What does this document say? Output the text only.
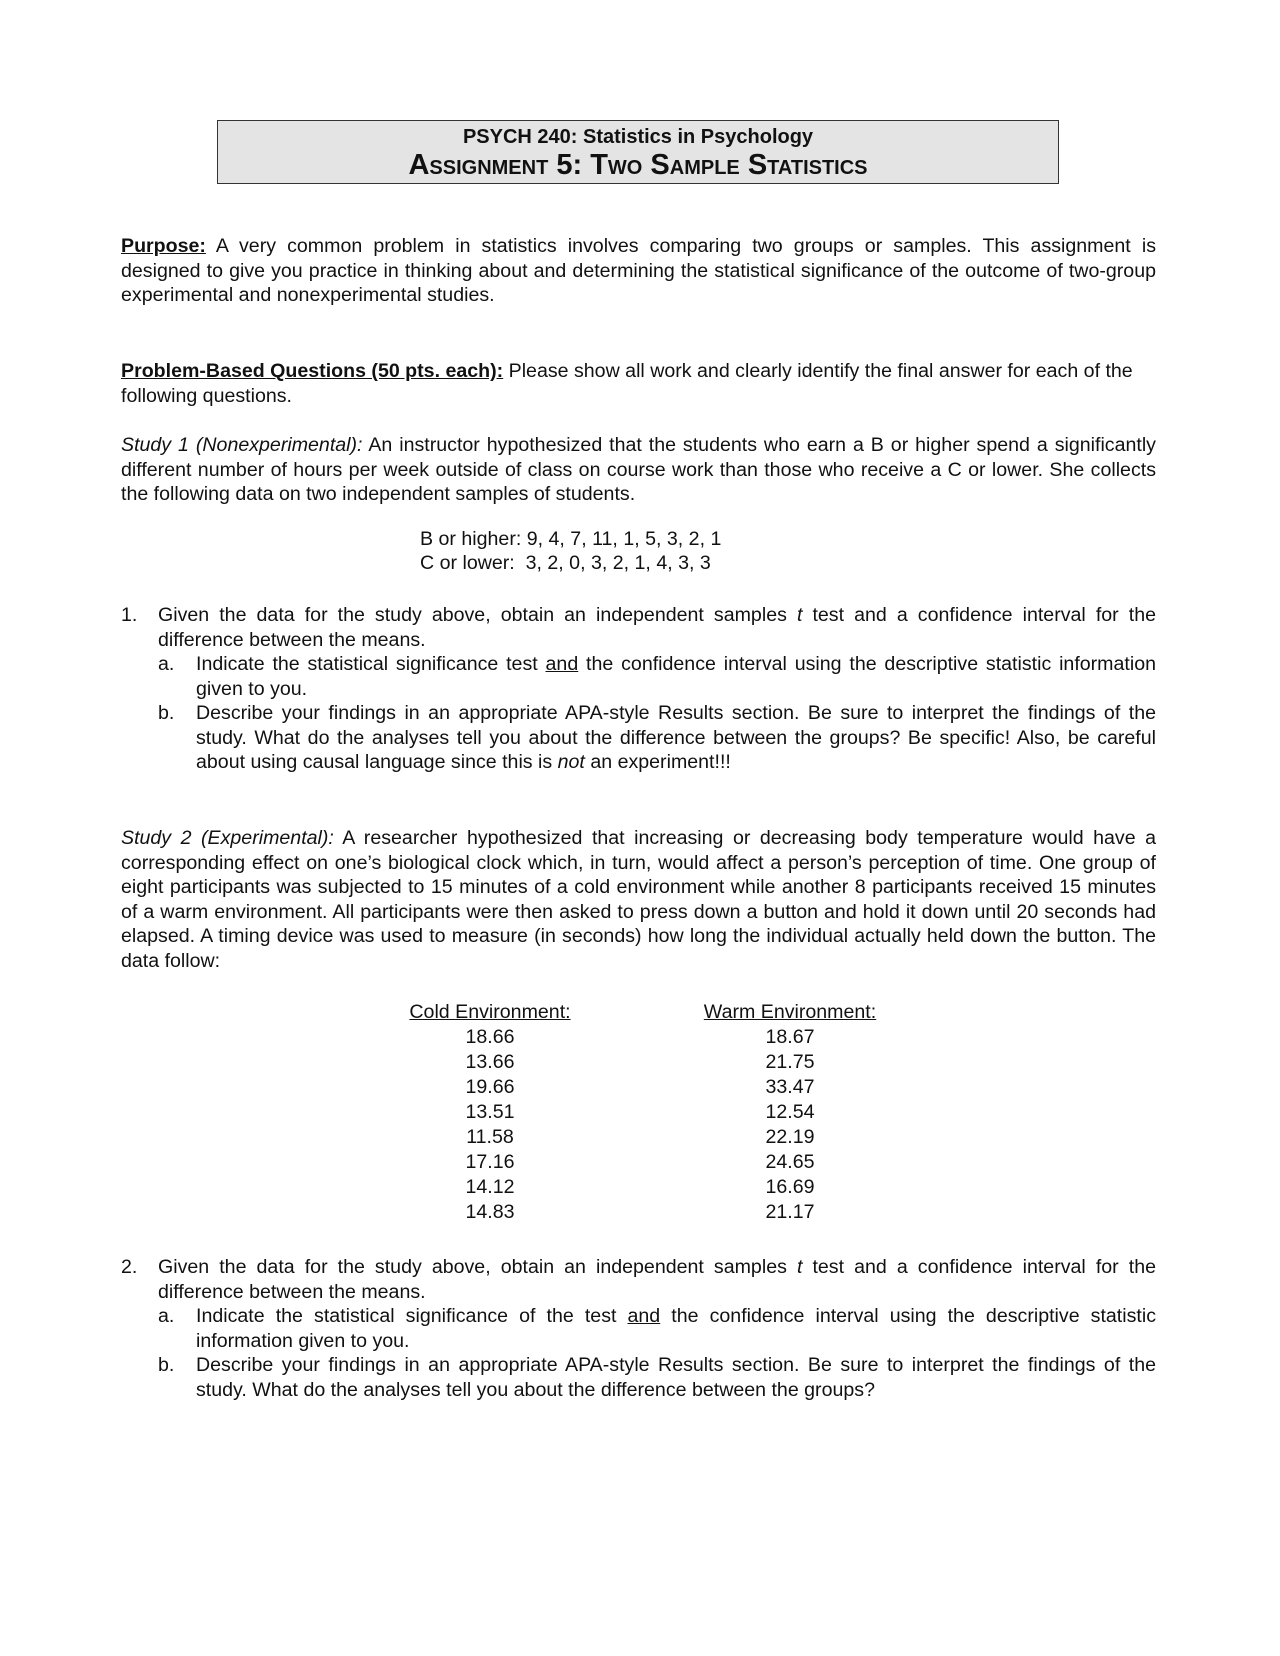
PSYCH 240: Statistics in Psychology
Assignment 5: Two Sample Statistics

Purpose: A very common problem in statistics involves comparing two groups or samples. This assignment is designed to give you practice in thinking about and determining the statistical significance of the outcome of two-group experimental and nonexperimental studies.

Problem-Based Questions (50 pts. each): Please show all work and clearly identify the final answer for each of the following questions.

Study 1 (Nonexperimental): An instructor hypothesized that the students who earn a B or higher spend a significantly different number of hours per week outside of class on course work than those who receive a C or lower. She collects the following data on two independent samples of students.

B or higher: 9, 4, 7, 11, 1, 5, 3, 2, 1
C or lower:  3, 2, 0, 3, 2, 1, 4, 3, 3
1. Given the data for the study above, obtain an independent samples t test and a confidence interval for the difference between the means.
a. Indicate the statistical significance test and the confidence interval using the descriptive statistic information given to you.
b. Describe your findings in an appropriate APA-style Results section. Be sure to interpret the findings of the study. What do the analyses tell you about the difference between the groups? Be specific! Also, be careful about using causal language since this is not an experiment!!!

Study 2 (Experimental): A researcher hypothesized that increasing or decreasing body temperature would have a corresponding effect on one’s biological clock which, in turn, would affect a person’s perception of time. One group of eight participants was subjected to 15 minutes of a cold environment while another 8 participants received 15 minutes of a warm environment. All participants were then asked to press down a button and hold it down until 20 seconds had elapsed. A timing device was used to measure (in seconds) how long the individual actually held down the button. The data follow:

Cold Environment:
18.66
13.66
19.66
13.51
11.58
17.16
14.12
14.83
Warm Environment:
18.67
21.75
33.47
12.54
22.19
24.65
16.69
21.17
2. Given the data for the study above, obtain an independent samples t test and a confidence interval for the difference between the means.
a. Indicate the statistical significance of the test and the confidence interval using the descriptive statistic information given to you.
b. Describe your findings in an appropriate APA-style Results section. Be sure to interpret the findings of the study. What do the analyses tell you about the difference between the groups?
